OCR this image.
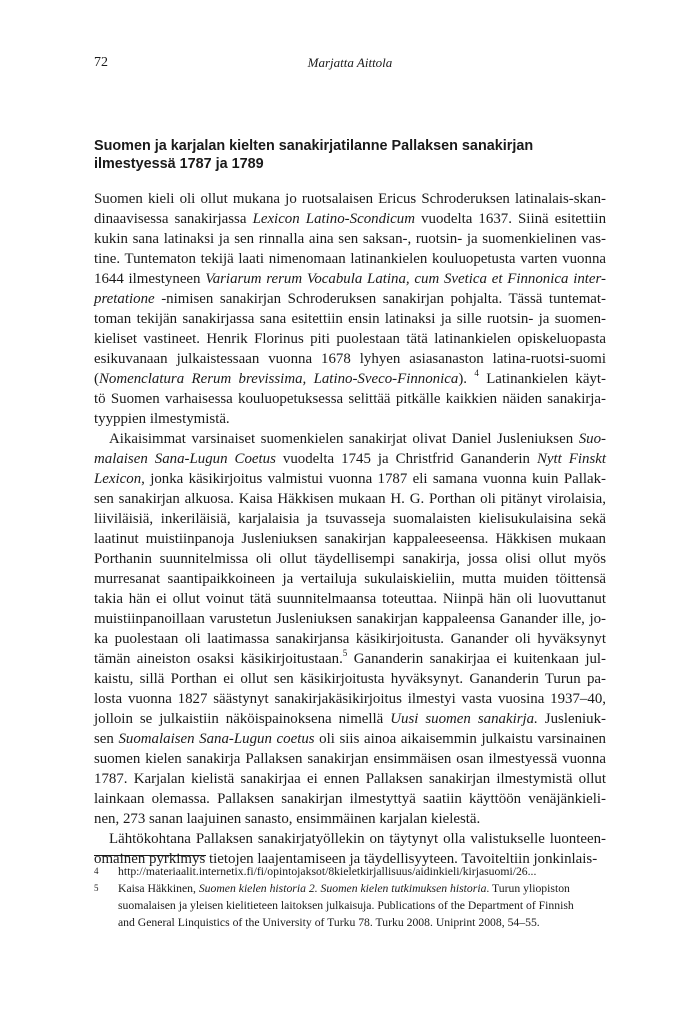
72	Marjatta Aittola
Suomen ja karjalan kielten sanakirjatilanne Pallaksen sanakirjan
ilmestyessä 1787 ja 1789
Suomen kieli oli ollut mukana jo ruotsalaisen Ericus Schroderuksen latinalais-skan-
dinaavisessa sanakirjassa Lexicon Latino-Scondicum vuodelta 1637. Siinä esitettiin
kukin sana latinaksi ja sen rinnalla aina sen saksan-, ruotsin- ja suomenkielinen vas-
tine. Tuntematon tekijä laati nimenomaan latinankielen kouluopetusta varten vuonna
1644 ilmestyneen Variarum rerum Vocabula Latina, cum Svetica et Finnonica inter-
pretatione -nimisen sanakirjan Schroderuksen sanakirjan pohjalta. Tässä tuntemat-
toman tekijän sanakirjassa sana esitettiin ensin latinaksi ja sille ruotsin- ja suomen-
kieliset vastineet. Henrik Florinus piti puolestaan tätä latinankielen opiskeluopasta
esikuvanaan julkaistessaan vuonna 1678 lyhyen asiasanaston latina-ruotsi-suomi
(Nomenclatura Rerum brevissima, Latino-Sveco-Finnonica). $^4$ Latinankielen käyt-
tö Suomen varhaisessa kouluopetuksessa selittää pitkälle kaikkien näiden sanakirja-
tyyppien ilmestymistä.
Aikaisimmat varsinaiset suomenkielen sanakirjat olivat Daniel Jusleniuksen Suo-
malaisen Sana-Lugun Coetus vuodelta 1745 ja Christfrid Gananderin Nytt Finskt
Lexicon, jonka käsikirjoitus valmistui vuonna 1787 eli samana vuonna kuin Pallak-
sen sanakirjan alkuosa. Kaisa Häkkisen mukaan H. G. Porthan oli pitänyt virolaisia,
liiviläisiä, inkeriläisiä, karjalaisia ja tsuvasseja suomalaisten kielisukulaisina sekä
laatinut muistiinpanoja Jusleniuksen sanakirjan kappaleeseensa. Häkkisen mukaan
Porthanin suunnitelmissa oli ollut täydellisempi sanakirja, jossa olisi ollut myös
murresanat saantipaikkoineen ja vertailuja sukulaiskieliin, mutta muiden töittensä
takia hän ei ollut voinut tätä suunnitelmaansa toteuttaa. Niinpä hän oli luovuttanut
muistiinpanoillaan varustetun Jusleniuksen sanakirjan kappaleensa Ganander ille, jo-
ka puolestaan oli laatimassa sanakirjansa käsikirjoitusta. Ganander oli hyväksynyt
tämän aineiston osaksi käsikirjoitustaan.$^5$ Gananderin sanakirjaa ei kuitenkaan jul-
kaistu, sillä Porthan ei ollut sen käsikirjoitusta hyväksynyt. Gananderin Turun pa-
losta vuonna 1827 säästynyt sanakirjakäsikirjoitus ilmestyi vasta vuosina 1937–40,
jolloin se julkaistiin näköispainoksena nimellä Uusi suomen sanakirja. Jusleniuk-
sen Suomalaisen Sana-Lugun coetus oli siis ainoa aikaisemmin julkaistu varsinainen
suomen kielen sanakirja Pallaksen sanakirjan ensimmäisen osan ilmestyessä vuonna
1787. Karjalan kielistä sanakirjaa ei ennen Pallaksen sanakirjan ilmestymistä ollut
lainkaan olemassa. Pallaksen sanakirjan ilmestyttyä saatiin käyttöön venäjänkieli-
nen, 273 sanan laajuinen sanasto, ensimmäinen karjalan kielestä.
Lähtökohtana Pallaksen sanakirjatyöllekin on täytynyt olla valistukselle luonteen-
omainen pyrkimys tietojen laajentamiseen ja täydellisyyteen. Tavoiteltiin jonkinlais-
4 http://materiaalit.internetix.fi/fi/opintojaksot/8kieletkirjallisuus/aidinkieli/kirjasuomi/26...
5 Kaisa Häkkinen, Suomen kielen historia 2. Suomen kielen tutkimuksen historia. Turun yliopiston
suomalaisen ja yleisen kielitieteen laitoksen julkaisuja. Publications of the Department of Finnish
and General Linquistics of the University of Turku 78. Turku 2008. Uniprint 2008, 54–55.
